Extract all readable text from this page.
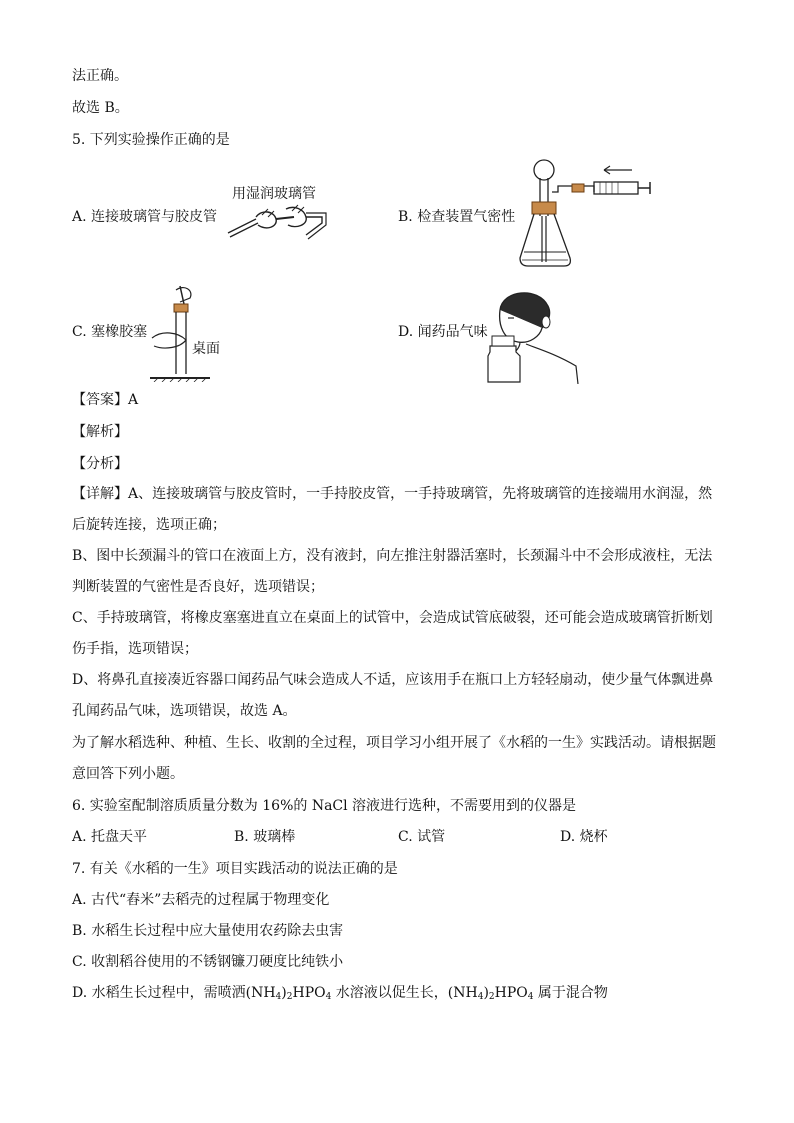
法正确。
故选 B。
5. 下列实验操作正确的是
A. 连接玻璃管与胶皮管
用湿润玻璃管
B. 检查装置气密性
C. 塞橡胶塞
桌面
D. 闻药品气味
【答案】A
【解析】
【分析】
【详解】A、连接玻璃管与胶皮管时，一手持胶皮管，一手持玻璃管，先将玻璃管的连接端用水润湿，然
后旋转连接，选项正确；
B、图中长颈漏斗的管口在液面上方，没有液封，向左推注射器活塞时，长颈漏斗中不会形成液柱，无法
判断装置的气密性是否良好，选项错误；
C、手持玻璃管，将橡皮塞塞进直立在桌面上的试管中，会造成试管底破裂，还可能会造成玻璃管折断划
伤手指，选项错误；
D、将鼻孔直接凑近容器口闻药品气味会造成人不适，应该用手在瓶口上方轻轻扇动，使少量气体飘进鼻
孔闻药品气味，选项错误，故选 A。
为了解水稻选种、种植、生长、收割的全过程，项目学习小组开展了《水稻的一生》实践活动。请根据题
意回答下列小题。
6. 实验室配制溶质质量分数为 16%的 NaCl 溶液进行选种，不需要用到的仪器是
A. 托盘天平	B. 玻璃棒	C. 试管	D. 烧杯
7. 有关《水稻的一生》项目实践活动的说法正确的是
A. 古代“舂米”去稻壳的过程属于物理变化
B. 水稻生长过程中应大量使用农药除去虫害
C. 收割稻谷使用的不锈钢镰刀硬度比纯铁小
D. 水稻生长过程中，需喷洒$(NH_4)_2HPO_4$ 水溶液以促生长，$(NH_4)_2HPO_4$ 属于混合物
